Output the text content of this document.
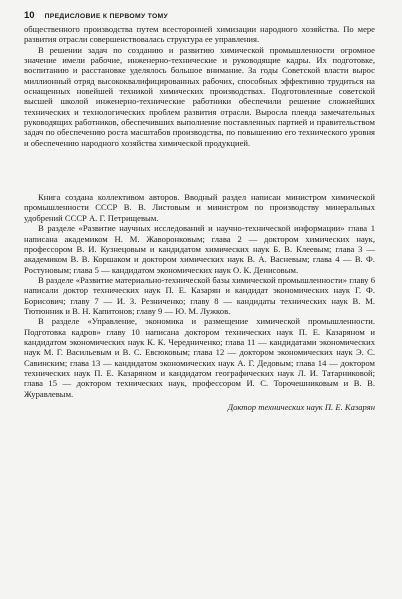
10 ПРЕДИСЛОВИЕ К ПЕРВОМУ ТОМУ

общественного производства путем всесторонней химизации народного хозяйства. По мере развития отрасли совершенствовалась структура ее управления.

В решении задач по созданию и развитию химической промышленности огромное значение имели рабочие, инженерно-технические и руководящие кадры. Их подготовке, воспитанию и расстановке уделялось большое внимание. За годы Советской власти вырос миллионный отряд высококвалифицированных рабочих, способных эффективно трудиться на оснащенных новейшей техникой химических производствах. Подготовленные советской высшей школой инженерно-технические работники обеспечили решение сложнейших технических и технологических проблем развития отрасли. Выросла плеяда замечательных руководящих работников, обеспечивших выполнение поставленных партией и правительством задач по обеспечению роста масштабов производства, по повышению его технического уровня и обеспечению народного хозяйства химической продукцией.

Книга создана коллективом авторов. Вводный раздел написан министром химической промышленности СССР В. В. Листовым и министром по производству минеральных удобрений СССР А. Г. Петрищевым.

В разделе «Развитие научных исследований и научно-технической информации» глава 1 написана академиком Н. М. Жаворонковым; глава 2 — доктором химических наук, профессором В. И. Кузнецовым и кандидатом химических наук Б. В. Клеевым; глава 3 — академиком В. В. Коршаком и доктором химических наук В. А. Васневым; глава 4 — В. Ф. Ростуновым; глава 5 — кандидатом экономических наук О. К. Денисовым.

В разделе «Развитие материально-технической базы химической промышленности» главу 6 написали доктор технических наук П. Е. Казарян и кандидат экономических наук Г. Ф. Борисович; главу 7 — И. З. Резниченко; главу 8 — кандидаты технических наук В. М. Тютюнник и В. Н. Капитонов; главу 9 — Ю. М. Лужков.

В разделе «Управление, экономика и размещение химической промышленности. Подготовка кадров» главу 10 написана доктором технических наук П. Е. Казаряном и кандидатом экономических наук К. К. Чередниченко; глава 11 — кандидатами экономических наук М. Г. Васильевым и В. С. Евсюковым; глава 12 — доктором экономических наук Э. С. Савинским; глава 13 — кандидатом экономических наук А. Г. Дедовым; глава 14 — доктором технических наук П. Е. Казаряном и кандидатом географических наук Л. И. Татарниковой; глава 15 — доктором технических наук, профессором И. С. Торочешниковым и В. В. Журавлевым.

Доктор технических наук П. Е. Казарян
